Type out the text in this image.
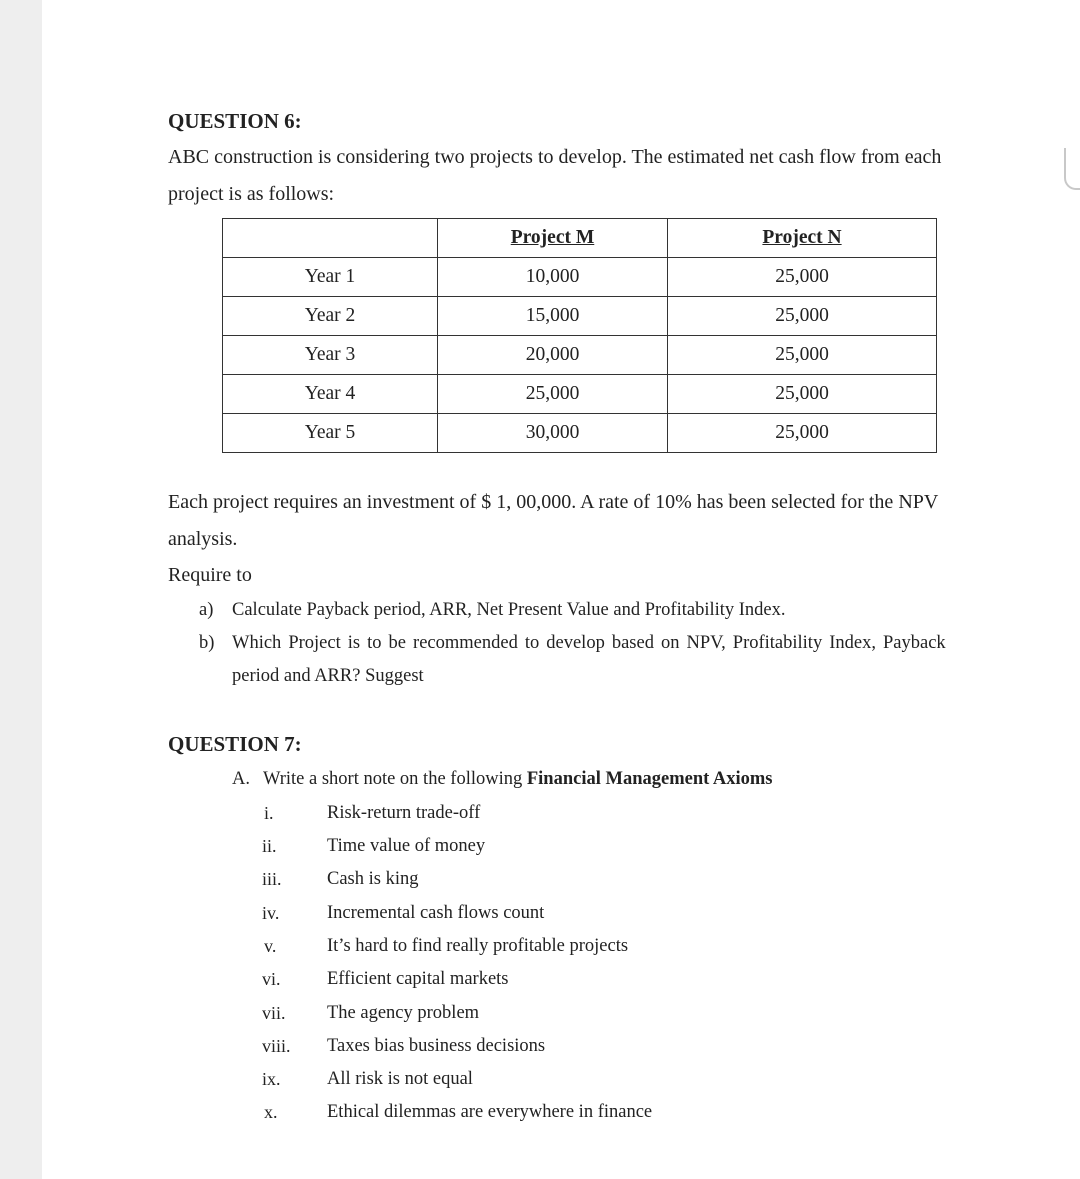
QUESTION 6:
ABC construction is considering two projects to develop. The estimated net cash flow from each
project is as follows:
	Project M	Project N
Year 1	10,000	25,000
Year 2	15,000	25,000
Year 3	20,000	25,000
Year 4	25,000	25,000
Year 5	30,000	25,000
Each project requires an investment of $ 1, 00,000. A rate of 10% has been selected for the NPV
analysis.
Require to
a) Calculate Payback period, ARR, Net Present Value and Profitability Index.
b) Which Project is to be recommended to develop based on NPV, Profitability Index, Payback
period and ARR? Suggest
QUESTION 7:
A. Write a short note on the following Financial Management Axioms
i.	Risk-return trade-off
ii.	Time value of money
iii. Cash is king
iv.	Incremental cash flows count
v.	It’s hard to find really profitable projects
vi.	Efficient capital markets
vii. The agency problem
viii. Taxes bias business decisions
ix.	All risk is not equal
x.	Ethical dilemmas are everywhere in finance
